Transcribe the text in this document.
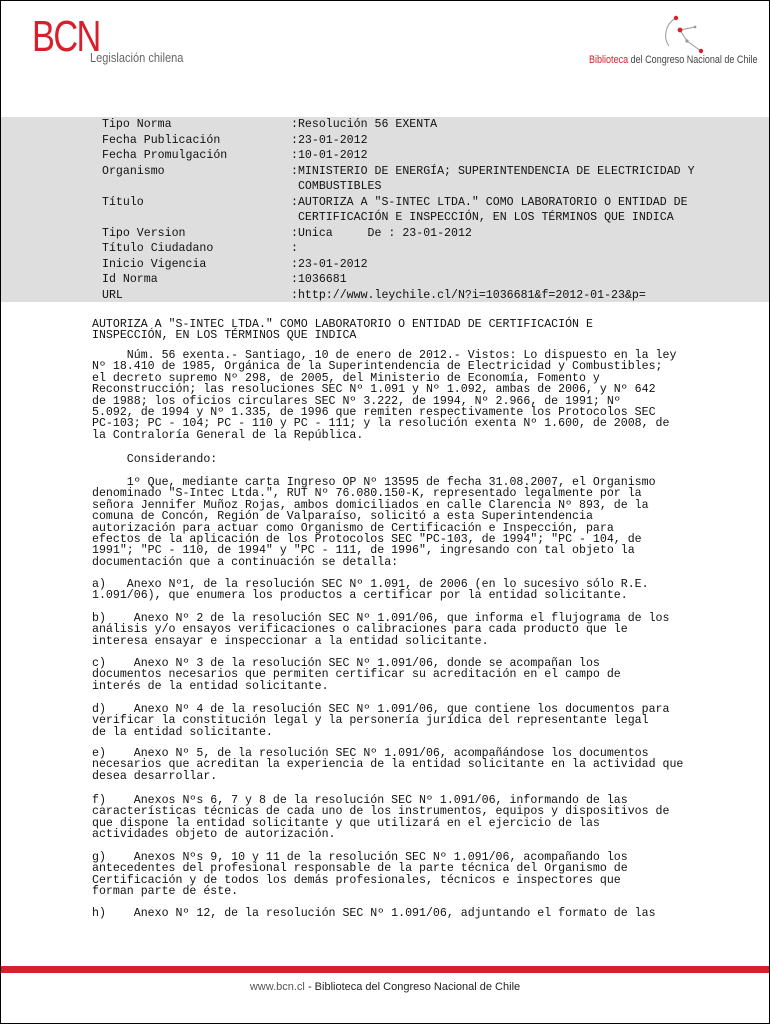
BCN
Legislación chilena	Biblioteca del Congreso Nacional de Chile
Tipo Norma	:Resolución 56 EXENTA
Fecha Publicación	:23-01-2012
Fecha Promulgación	:10-01-2012
Organismo	:MINISTERIO DE ENERGÍA; SUPERINTENDENCIA DE ELECTRICIDAD Y
COMBUSTIBLES
Título	:AUTORIZA A "S-INTEC LTDA." COMO LABORATORIO O ENTIDAD DE
CERTIFICACIÓN E INSPECCIÓN, EN LOS TÉRMINOS QUE INDICA
Tipo Version	:Unica     De : 23-01-2012
Título Ciudadano	:
Inicio Vigencia	:23-01-2012
Id Norma	:1036681
URL	:http://www.leychile.cl/N?i=1036681&f=2012-01-23&p=
AUTORIZA A "S-INTEC LTDA." COMO LABORATORIO O ENTIDAD DE CERTIFICACIÓN E
INSPECCIÓN, EN LOS TÉRMINOS QUE INDICA
Núm. 56 exenta.- Santiago, 10 de enero de 2012.- Vistos: Lo dispuesto en la ley
Nº 18.410 de 1985, Orgánica de la Superintendencia de Electricidad y Combustibles;
el decreto supremo Nº 298, de 2005, del Ministerio de Economía, Fomento y
Reconstrucción; las resoluciones SEC Nº 1.091 y Nº 1.092, ambas de 2006, y Nº 642
de 1988; los oficios circulares SEC Nº 3.222, de 1994, Nº 2.966, de 1991; Nº
5.092, de 1994 y Nº 1.335, de 1996 que remiten respectivamente los Protocolos SEC
PC-103; PC - 104; PC - 110 y PC - 111; y la resolución exenta Nº 1.600, de 2008, de
la Contraloría General de la República.
Considerando:
1º Que, mediante carta Ingreso OP Nº 13595 de fecha 31.08.2007, el Organismo
denominado "S-Intec Ltda.", RUT Nº 76.080.150-K, representado legalmente por la
señora Jennifer Muñoz Rojas, ambos domiciliados en calle Clarencia Nº 893, de la
comuna de Concón, Región de Valparaíso, solicitó a esta Superintendencia
autorización para actuar como Organismo de Certificación e Inspección, para
efectos de la aplicación de los Protocolos SEC "PC-103, de 1994"; "PC - 104, de
1991"; "PC - 110, de 1994" y "PC - 111, de 1996", ingresando con tal objeto la
documentación que a continuación se detalla:
a)   Anexo Nº1, de la resolución SEC Nº 1.091, de 2006 (en lo sucesivo sólo R.E.
1.091/06), que enumera los productos a certificar por la entidad solicitante.
b)    Anexo Nº 2 de la resolución SEC Nº 1.091/06, que informa el flujograma de los
análisis y/o ensayos verificaciones o calibraciones para cada producto que le
interesa ensayar e inspeccionar a la entidad solicitante.
c)    Anexo Nº 3 de la resolución SEC Nº 1.091/06, donde se acompañan los
documentos necesarios que permiten certificar su acreditación en el campo de
interés de la entidad solicitante.
d)    Anexo Nº 4 de la resolución SEC Nº 1.091/06, que contiene los documentos para
verificar la constitución legal y la personería jurídica del representante legal
de la entidad solicitante.
e)    Anexo Nº 5, de la resolución SEC Nº 1.091/06, acompañándose los documentos
necesarios que acreditan la experiencia de la entidad solicitante en la actividad que
desea desarrollar.
f)    Anexos Nºs 6, 7 y 8 de la resolución SEC Nº 1.091/06, informando de las
características técnicas de cada uno de los instrumentos, equipos y dispositivos de
que dispone la entidad solicitante y que utilizará en el ejercicio de las
actividades objeto de autorización.
g)    Anexos Nºs 9, 10 y 11 de la resolución SEC Nº 1.091/06, acompañando los
antecedentes del profesional responsable de la parte técnica del Organismo de
Certificación y de todos los demás profesionales, técnicos e inspectores que
forman parte de éste.
h)    Anexo Nº 12, de la resolución SEC Nº 1.091/06, adjuntando el formato de las
www.bcn.cl - Biblioteca del Congreso Nacional de Chile
